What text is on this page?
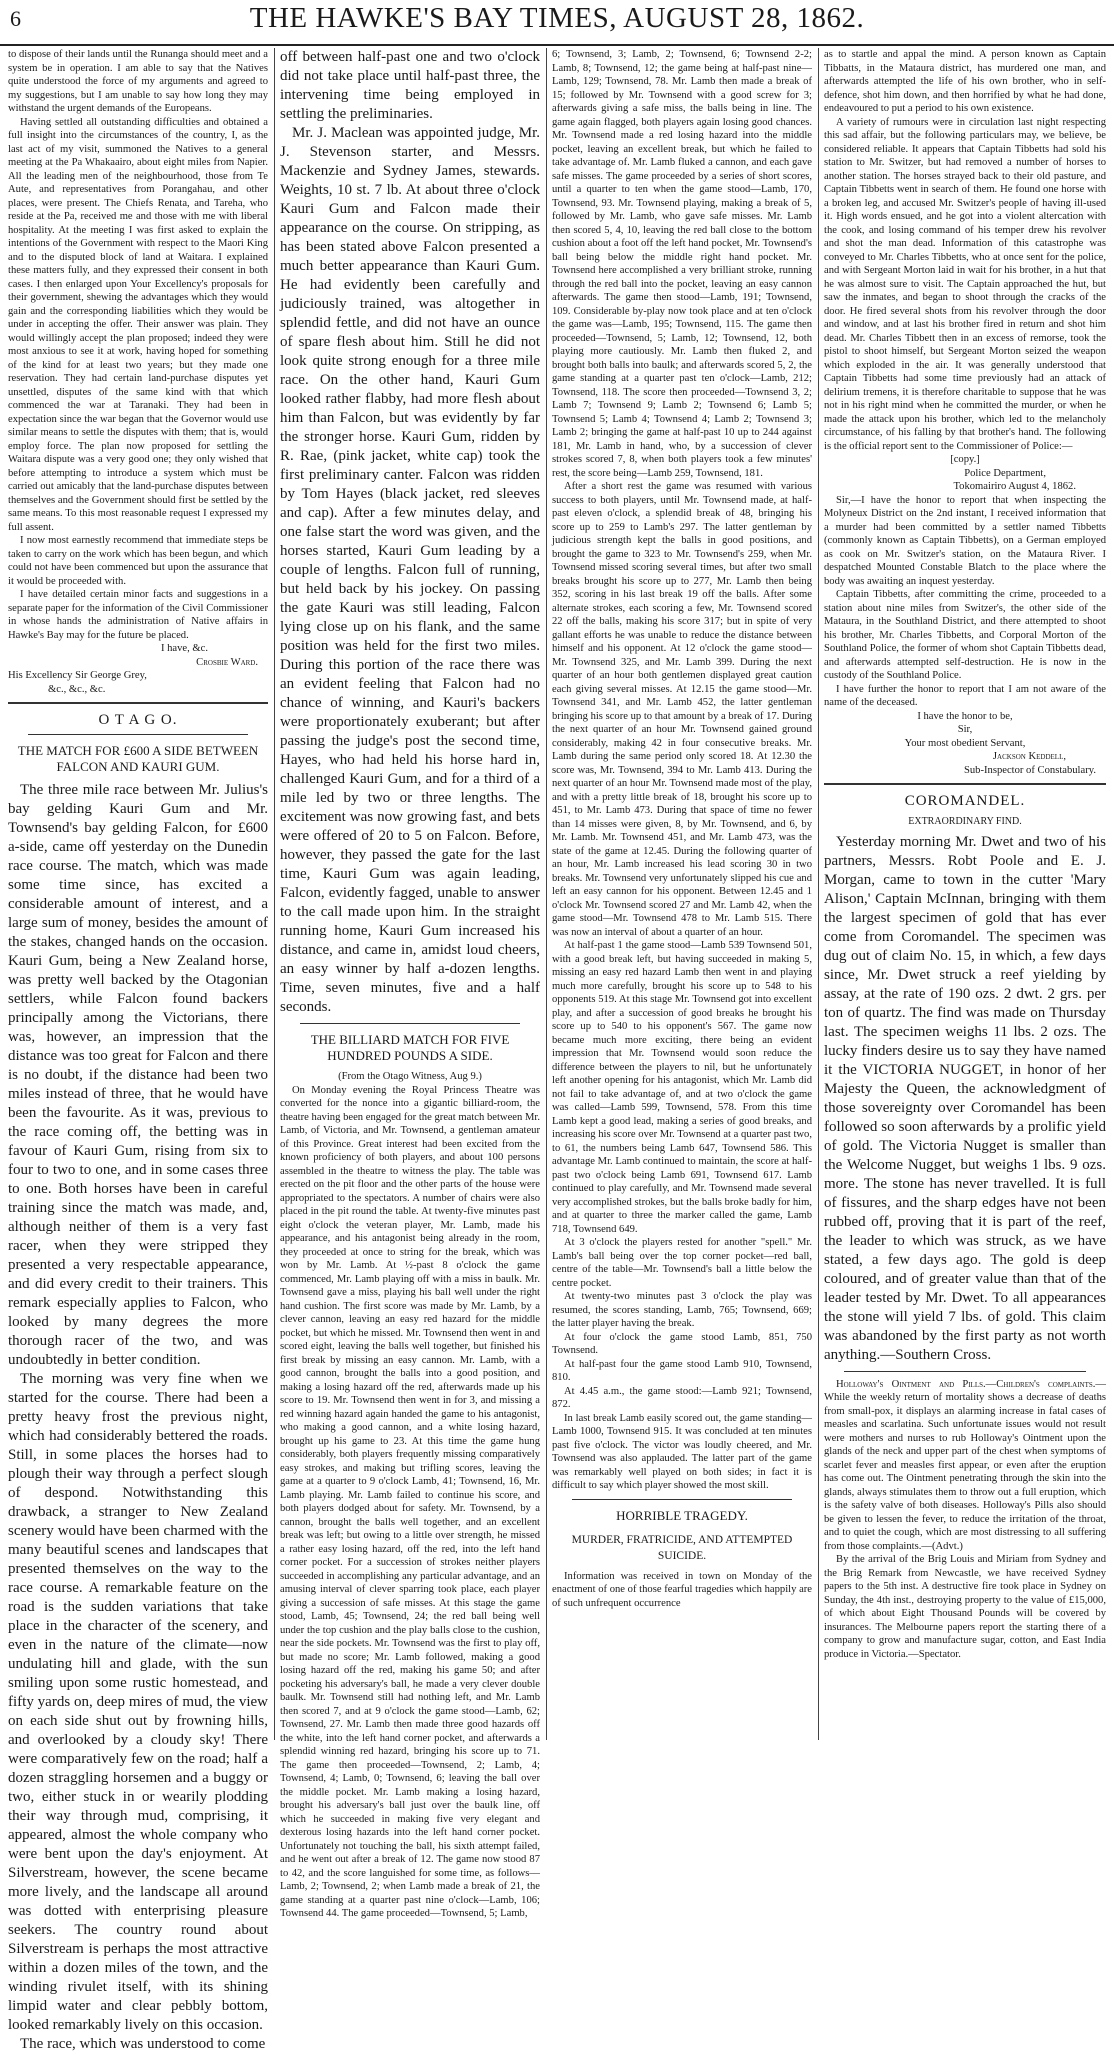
6	THE HAWKE'S BAY TIMES, AUGUST 28, 1862.

to dispose of their lands until the Runanga should meet and a system be in operation. I am able to say that the Natives quite understood the force of my arguments and agreed to my suggestions, but I am unable to say how long they may withstand the urgent demands of the Europeans.

Having settled all outstanding difficulties and obtained a full insight into the circumstances of the country, I, as the last act of my visit, summoned the Natives to a general meeting at the Pa Whakaairo, about eight miles from Napier. All the leading men of the neighbourhood, those from Te Aute, and representatives from Porangahau, and other places, were present. The Chiefs Renata, and Tareha, who reside at the Pa, received me and those with me with liberal hospitality. At the meeting I was first asked to explain the intentions of the Government with respect to the Maori King and to the disputed block of land at Waitara. I explained these matters fully, and they expressed their consent in both cases. I then enlarged upon Your Excellency's proposals for their government, shewing the advantages which they would gain and the corresponding liabilities which they would be under in accepting the offer. Their answer was plain. They would willingly accept the plan proposed; indeed they were most anxious to see it at work, having hoped for something of the kind for at least two years; but they made one reservation. They had certain land-purchase disputes yet unsettled, disputes of the same kind with that which commenced the war at Taranaki. They had been in expectation since the war began that the Governor would use similar means to settle the disputes with them; that is, would employ force. The plan now proposed for settling the Waitara dispute was a very good one; they only wished that before attempting to introduce a system which must be carried out amicably that the land-purchase disputes between themselves and the Government should first be settled by the same means. To this most reasonable request I expressed my full assent.

I now most earnestly recommend that immediate steps be taken to carry on the work which has been begun, and which could not have been commenced but upon the assurance that it would be proceeded with.

I have detailed certain minor facts and suggestions in a separate paper for the information of the Civil Commissioner in whose hands the administration of Native affairs in Hawke's Bay may for the future be placed.

I have, &c.

Crosbie Ward.

His Excellency Sir George Grey,

&c., &c., &c.

O T A G O.
THE MATCH FOR £600 A SIDE BETWEEN FALCON AND KAURI GUM.

The three mile race between Mr. Julius's bay gelding Kauri Gum and Mr. Townsend's bay gelding Falcon, for £600 a-side, came off yesterday on the Dunedin race course. The match, which was made some time since, has excited a considerable amount of interest, and a large sum of money, besides the amount of the stakes, changed hands on the occasion. Kauri Gum, being a New Zealand horse, was pretty well backed by the Otagonian settlers, while Falcon found backers principally among the Victorians, there was, however, an impression that the distance was too great for Falcon and there is no doubt, if the distance had been two miles instead of three, that he would have been the favourite. As it was, previous to the race coming off, the betting was in favour of Kauri Gum, rising from six to four to two to one, and in some cases three to one. Both horses have been in careful training since the match was made, and, although neither of them is a very fast racer, when they were stripped they presented a very respectable appearance, and did every credit to their trainers. This remark especially applies to Falcon, who looked by many degrees the more thorough racer of the two, and was undoubtedly in better condition.

The morning was very fine when we started for the course. There had been a pretty heavy frost the previous night, which had considerably bettered the roads. Still, in some places the horses had to plough their way through a perfect slough of despond. Notwithstanding this drawback, a stranger to New Zealand scenery would have been charmed with the many beautiful scenes and landscapes that presented themselves on the way to the race course. A remarkable feature on the road is the sudden variations that take place in the character of the scenery, and even in the nature of the climate—now undulating hill and glade, with the sun smiling upon some rustic homestead, and fifty yards on, deep mires of mud, the view on each side shut out by frowning hills, and overlooked by a cloudy sky! There were comparatively few on the road; half a dozen straggling horsemen and a buggy or two, either stuck in or wearily plodding their way through mud, comprising, it appeared, almost the whole company who were bent upon the day's enjoyment. At Silverstream, however, the scene became more lively, and the landscape all around was dotted with enterprising pleasure seekers. The country round about Silverstream is perhaps the most attractive within a dozen miles of the town, and the winding rivulet itself, with its shining limpid water and clear pebbly bottom, looked remarkably lively on this occasion.

The race, which was understood to come

off between half-past one and two o'clock did not take place until half-past three, the intervening time being employed in settling the preliminaries.

Mr. J. Maclean was appointed judge, Mr. J. Stevenson starter, and Messrs. Mackenzie and Sydney James, stewards. Weights, 10 st. 7 lb. At about three o'clock Kauri Gum and Falcon made their appearance on the course. On stripping, as has been stated above Falcon presented a much better appearance than Kauri Gum. He had evidently been carefully and judiciously trained, was altogether in splendid fettle, and did not have an ounce of spare flesh about him. Still he did not look quite strong enough for a three mile race. On the other hand, Kauri Gum looked rather flabby, had more flesh about him than Falcon, but was evidently by far the stronger horse. Kauri Gum, ridden by R. Rae, (pink jacket, white cap) took the first preliminary canter. Falcon was ridden by Tom Hayes (black jacket, red sleeves and cap). After a few minutes delay, and one false start the word was given, and the horses started, Kauri Gum leading by a couple of lengths. Falcon full of running, but held back by his jockey. On passing the gate Kauri was still leading, Falcon lying close up on his flank, and the same position was held for the first two miles. During this portion of the race there was an evident feeling that Falcon had no chance of winning, and Kauri's backers were proportionately exuberant; but after passing the judge's post the second time, Hayes, who had held his horse hard in, challenged Kauri Gum, and for a third of a mile led by two or three lengths. The excitement was now growing fast, and bets were offered of 20 to 5 on Falcon. Before, however, they passed the gate for the last time, Kauri Gum was again leading, Falcon, evidently fagged, unable to answer to the call made upon him. In the straight running home, Kauri Gum increased his distance, and came in, amidst loud cheers, an easy winner by half a-dozen lengths. Time, seven minutes, five and a half seconds.

THE BILLIARD MATCH FOR FIVE HUNDRED POUNDS A SIDE.

(From the Otago Witness, Aug 9.)

On Monday evening the Royal Princess Theatre was converted for the nonce into a gigantic billiard-room, the theatre having been engaged for the great match between Mr. Lamb, of Victoria, and Mr. Townsend, a gentleman amateur of this Province. Great interest had been excited from the known proficiency of both players, and about 100 persons assembled in the theatre to witness the play. The table was erected on the pit floor and the other parts of the house were appropriated to the spectators. A number of chairs were also placed in the pit round the table. At twenty-five minutes past eight o'clock the veteran player, Mr. Lamb, made his appearance, and his antagonist being already in the room, they proceeded at once to string for the break, which was won by Mr. Lamb. At ½-past 8 o'clock the game commenced, Mr. Lamb playing off with a miss in baulk. Mr. Townsend gave a miss, playing his ball well under the right hand cushion. The first score was made by Mr. Lamb, by a clever cannon, leaving an easy red hazard for the middle pocket, but which he missed. Mr. Townsend then went in and scored eight, leaving the balls well together, but finished his first break by missing an easy cannon. Mr. Lamb, with a good cannon, brought the balls into a good position, and making a losing hazard off the red, afterwards made up his score to 19. Mr. Townsend then went in for 3, and missing a red winning hazard again handed the game to his antagonist, who making a good cannon, and a white losing hazard, brought up his game to 23. At this time the game hung considerably, both players frequently missing comparatively easy strokes, and making but trifling scores, leaving the game at a quarter to 9 o'clock Lamb, 41; Townsend, 16, Mr. Lamb playing. Mr. Lamb failed to continue his score, and both players dodged about for safety. Mr. Townsend, by a cannon, brought the balls well together, and an excellent break was left; but owing to a little over strength, he missed a rather easy losing hazard, off the red, into the left hand corner pocket. For a succession of strokes neither players succeeded in accomplishing any particular advantage, and an amusing interval of clever sparring took place, each player giving a succession of safe misses. At this stage the game stood, Lamb, 45; Townsend, 24; the red ball being well under the top cushion and the play balls close to the cushion, near the side pockets. Mr. Townsend was the first to play off, but made no score; Mr. Lamb followed, making a good losing hazard off the red, making his game 50; and after pocketing his adversary's ball, he made a very clever double baulk. Mr. Townsend still had nothing left, and Mr. Lamb then scored 7, and at 9 o'clock the game stood—Lamb, 62; Townsend, 27. Mr. Lamb then made three good hazards off the white, into the left hand corner pocket, and afterwards a splendid winning red hazard, bringing his score up to 71. The game then proceeded—Townsend, 2; Lamb, 4; Townsend, 4; Lamb, 0; Townsend, 6; leaving the ball over the middle pocket. Mr. Lamb making a losing hazard, brought his adversary's ball just over the baulk line, off which he succeeded in making five very elegant and dexterous losing hazards into the left hand corner pocket. Unfortunately not touching the ball, his sixth attempt failed, and he went out after a break of 12. The game now stood 87 to 42, and the score languished for some time, as follows—Lamb, 2; Townsend, 2; when Lamb made a break of 21, the game standing at a quarter past nine o'clock—Lamb, 106; Townsend 44. The game proceeded—Townsend, 5; Lamb,

6; Townsend, 3; Lamb, 2; Townsend, 6; Townsend 2-2; Lamb, 8; Townsend, 12; the game being at half-past nine—Lamb, 129; Townsend, 78. Mr. Lamb then made a break of 15; followed by Mr. Townsend with a good screw for 3; afterwards giving a safe miss, the balls being in line. The game again flagged, both players again losing good chances. Mr. Townsend made a red losing hazard into the middle pocket, leaving an excellent break, but which he failed to take advantage of. Mr. Lamb fluked a cannon, and each gave safe misses. The game proceeded by a series of short scores, until a quarter to ten when the game stood—Lamb, 170, Townsend, 93. Mr. Townsend playing, making a break of 5, followed by Mr. Lamb, who gave safe misses. Mr. Lamb then scored 5, 4, 10, leaving the red ball close to the bottom cushion about a foot off the left hand pocket, Mr. Townsend's ball being below the middle right hand pocket. Mr. Townsend here accomplished a very brilliant stroke, running through the red ball into the pocket, leaving an easy cannon afterwards. The game then stood—Lamb, 191; Townsend, 109. Considerable by-play now took place and at ten o'clock the game was—Lamb, 195; Townsend, 115. The game then proceeded—Townsend, 5; Lamb, 12; Townsend, 12, both playing more cautiously. Mr. Lamb then fluked 2, and brought both balls into baulk; and afterwards scored 5, 2, the game standing at a quarter past ten o'clock—Lamb, 212; Townsend, 118. The score then proceeded—Townsend 3, 2; Lamb 7; Townsend 9; Lamb 2; Townsend 6; Lamb 5; Townsend 5; Lamb 4; Townsend 4; Lamb 2; Townsend 3; Lamb 2; bringing the game at half-past 10 up to 244 against 181, Mr. Lamb in hand, who, by a succession of clever strokes scored 7, 8, when both players took a few minutes' rest, the score being—Lamb 259, Townsend, 181.

After a short rest the game was resumed with various success to both players, until Mr. Townsend made, at half-past eleven o'clock, a splendid break of 48, bringing his score up to 259 to Lamb's 297. The latter gentleman by judicious strength kept the balls in good positions, and brought the game to 323 to Mr. Townsend's 259, when Mr. Townsend missed scoring several times, but after two small breaks brought his score up to 277, Mr. Lamb then being 352, scoring in his last break 19 off the balls. After some alternate strokes, each scoring a few, Mr. Townsend scored 22 off the balls, making his score 317; but in spite of very gallant efforts he was unable to reduce the distance between himself and his opponent. At 12 o'clock the game stood—Mr. Townsend 325, and Mr. Lamb 399. During the next quarter of an hour both gentlemen displayed great caution each giving several misses. At 12.15 the game stood—Mr. Townsend 341, and Mr. Lamb 452, the latter gentleman bringing his score up to that amount by a break of 17. During the next quarter of an hour Mr. Townsend gained ground considerably, making 42 in four consecutive breaks. Mr. Lamb during the same period only scored 18. At 12.30 the score was, Mr. Townsend, 394 to Mr. Lamb 413. During the next quarter of an hour Mr. Townsend made most of the play, and with a pretty little break of 18, brought his score up to 451, to Mr. Lamb 473. During that space of time no fewer than 14 misses were given, 8, by Mr. Townsend, and 6, by Mr. Lamb. Mr. Townsend 451, and Mr. Lamb 473, was the state of the game at 12.45. During the following quarter of an hour, Mr. Lamb increased his lead scoring 30 in two breaks. Mr. Townsend very unfortunately slipped his cue and left an easy cannon for his opponent. Between 12.45 and 1 o'clock Mr. Townsend scored 27 and Mr. Lamb 42, when the game stood—Mr. Townsend 478 to Mr. Lamb 515. There was now an interval of about a quarter of an hour.

At half-past 1 the game stood—Lamb 539 Townsend 501, with a good break left, but having succeeded in making 5, missing an easy red hazard Lamb then went in and playing much more carefully, brought his score up to 548 to his opponents 519. At this stage Mr. Townsend got into excellent play, and after a succession of good breaks he brought his score up to 540 to his opponent's 567. The game now became much more exciting, there being an evident impression that Mr. Townsend would soon reduce the difference between the players to nil, but he unfortunately left another opening for his antagonist, which Mr. Lamb did not fail to take advantage of, and at two o'clock the game was called—Lamb 599, Townsend, 578. From this time Lamb kept a good lead, making a series of good breaks, and increasing his score over Mr. Townsend at a quarter past two, to 61, the numbers being Lamb 647, Townsend 586. This advantage Mr. Lamb continued to maintain, the score at half-past two o'clock being Lamb 691, Townsend 617. Lamb continued to play carefully, and Mr. Townsend made several very accomplished strokes, but the balls broke badly for him, and at quarter to three the marker called the game, Lamb 718, Townsend 649.

At 3 o'clock the players rested for another "spell." Mr. Lamb's ball being over the top corner pocket—red ball, centre of the table—Mr. Townsend's ball a little below the centre pocket.

At twenty-two minutes past 3 o'clock the play was resumed, the scores standing, Lamb, 765; Townsend, 669; the latter player having the break.

At four o'clock the game stood Lamb, 851, 750 Townsend.

At half-past four the game stood Lamb 910, Townsend, 810.

At 4.45 a.m., the game stood:—Lamb 921; Townsend, 872.

In last break Lamb easily scored out, the game standing—Lamb 1000, Townsend 915. It was concluded at ten minutes past five o'clock. The victor was loudly cheered, and Mr. Townsend was also applauded. The latter part of the game was remarkably well played on both sides; in fact it is difficult to say which player showed the most skill.

HORRIBLE TRAGEDY.
MURDER, FRATRICIDE, AND ATTEMPTED SUICIDE.

Information was received in town on Monday of the enactment of one of those fearful tragedies which happily are of such unfrequent occurrence

as to startle and appal the mind. A person known as Captain Tibbatts, in the Mataura district, has murdered one man, and afterwards attempted the life of his own brother, who in self-defence, shot him down, and then horrified by what he had done, endeavoured to put a period to his own existence.

A variety of rumours were in circulation last night respecting this sad affair, but the following particulars may, we believe, be considered reliable. It appears that Captain Tibbetts had sold his station to Mr. Switzer, but had removed a number of horses to another station. The horses strayed back to their old pasture, and Captain Tibbetts went in search of them. He found one horse with a broken leg, and accused Mr. Switzer's people of having ill-used it. High words ensued, and he got into a violent altercation with the cook, and losing command of his temper drew his revolver and shot the man dead. Information of this catastrophe was conveyed to Mr. Charles Tibbetts, who at once sent for the police, and with Sergeant Morton laid in wait for his brother, in a hut that he was almost sure to visit. The Captain approached the hut, but saw the inmates, and began to shoot through the cracks of the door. He fired several shots from his revolver through the door and window, and at last his brother fired in return and shot him dead. Mr. Charles Tibbett then in an excess of remorse, took the pistol to shoot himself, but Sergeant Morton seized the weapon which exploded in the air. It was generally understood that Captain Tibbetts had some time previously had an attack of delirium tremens, it is therefore charitable to suppose that he was not in his right mind when he committed the murder, or when he made the attack upon his brother, which led to the melancholy circumstance, of his falling by that brother's hand. The following is the official report sent to the Commissioner of Police:—

[copy.]

Police Department,

Tokomairiro August 4, 1862.

Sir,—I have the honor to report that when inspecting the Molyneux District on the 2nd instant, I received information that a murder had been committed by a settler named Tibbetts (commonly known as Captain Tibbetts), on a German employed as cook on Mr. Switzer's station, on the Mataura River. I despatched Mounted Constable Blatch to the place where the body was awaiting an inquest yesterday.

Captain Tibbetts, after committing the crime, proceeded to a station about nine miles from Switzer's, the other side of the Mataura, in the Southland District, and there attempted to shoot his brother, Mr. Charles Tibbetts, and Corporal Morton of the Southland Police, the former of whom shot Captain Tibbetts dead, and afterwards attempted self-destruction. He is now in the custody of the Southland Police.

I have further the honor to report that I am not aware of the name of the deceased.

I have the honor to be,

Sir,

Your most obedient Servant,

Jackson Keddell,

Sub-Inspector of Constabulary.

COROMANDEL.
EXTRAORDINARY FIND.

Yesterday morning Mr. Dwet and two of his partners, Messrs. Robt Poole and E. J. Morgan, came to town in the cutter 'Mary Alison,' Captain McInnan, bringing with them the largest specimen of gold that has ever come from Coromandel. The specimen was dug out of claim No. 15, in which, a few days since, Mr. Dwet struck a reef yielding by assay, at the rate of 190 ozs. 2 dwt. 2 grs. per ton of quartz. The find was made on Thursday last. The specimen weighs 11 lbs. 2 ozs. The lucky finders desire us to say they have named it the VICTORIA NUGGET, in honor of her Majesty the Queen, the acknowledgment of those sovereignty over Coromandel has been followed so soon afterwards by a prolific yield of gold. The Victoria Nugget is smaller than the Welcome Nugget, but weighs 1 lbs. 9 ozs. more. The stone has never travelled. It is full of fissures, and the sharp edges have not been rubbed off, proving that it is part of the reef, the leader to which was struck, as we have stated, a few days ago. The gold is deep coloured, and of greater value than that of the leader tested by Mr. Dwet. To all appearances the stone will yield 7 lbs. of gold. This claim was abandoned by the first party as not worth anything.—Southern Cross.

Holloway's Ointment and Pills.—Children's complaints.—While the weekly return of mortality shows a decrease of deaths from small-pox, it displays an alarming increase in fatal cases of measles and scarlatina. Such unfortunate issues would not result were mothers and nurses to rub Holloway's Ointment upon the glands of the neck and upper part of the chest when symptoms of scarlet fever and measles first appear, or even after the eruption has come out. The Ointment penetrating through the skin into the glands, always stimulates them to throw out a full eruption, which is the safety valve of both diseases. Holloway's Pills also should be given to lessen the fever, to reduce the irritation of the throat, and to quiet the cough, which are most distressing to all suffering from those complaints.—(Advt.)

By the arrival of the Brig Louis and Miriam from Sydney and the Brig Remark from Newcastle, we have received Sydney papers to the 5th inst. A destructive fire took place in Sydney on Sunday, the 4th inst., destroying property to the value of £15,000, of which about Eight Thousand Pounds will be covered by insurances. The Melbourne papers report the starting there of a company to grow and manufacture sugar, cotton, and East India produce in Victoria.—Spectator.
